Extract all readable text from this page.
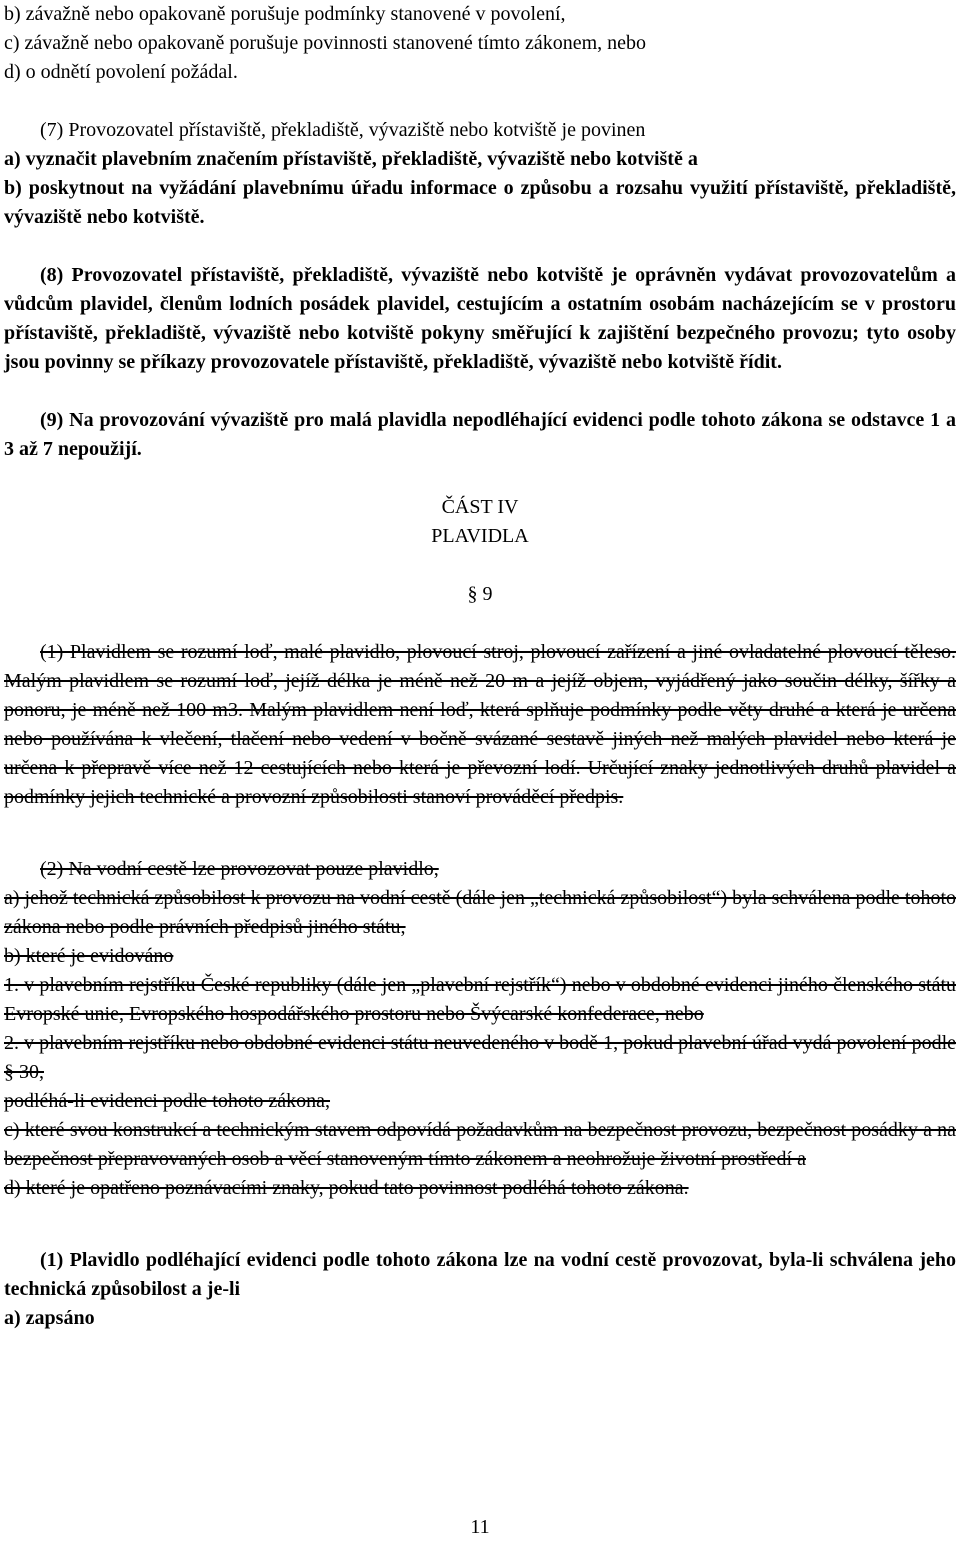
b) závažně nebo opakovaně porušuje podmínky stanovené v povolení,

c) závažně nebo opakovaně porušuje povinnosti stanovené tímto zákonem, nebo

d) o odnětí povolení požádal.

(7) Provozovatel přístaviště, překladiště, vývaziště nebo kotviště je povinen

a) vyznačit plavebním značením přístaviště, překladiště, vývaziště nebo kotviště a

b) poskytnout na vyžádání plavebnímu úřadu informace o způsobu a rozsahu využití přístaviště, překladiště, vývaziště nebo kotviště.

(8) Provozovatel přístaviště, překladiště, vývaziště nebo kotviště je oprávněn vydávat provozovatelům a vůdcům plavidel, členům lodních posádek plavidel, cestujícím a ostatním osobám nacházejícím se v prostoru přístaviště, překladiště, vývaziště nebo kotviště pokyny směřující k zajištění bezpečného provozu; tyto osoby jsou povinny se příkazy provozovatele přístaviště, překladiště, vývaziště nebo kotviště řídit.

(9) Na provozování vývaziště pro malá plavidla nepodléhající evidenci podle tohoto zákona se odstavce 1 a 3 až 7 nepoužijí.

ČÁST IV

PLAVIDLA

§ 9

(1) Plavidlem se rozumí loď, malé plavidlo, plovoucí stroj, plovoucí zařízení a jiné ovladatelné plovoucí těleso. Malým plavidlem se rozumí loď, jejíž délka je méně než 20 m a jejíž objem, vyjádřený jako součin délky, šířky a ponoru, je méně než 100 m3. Malým plavidlem není loď, která splňuje podmínky podle věty druhé a která je určena nebo používána k vlečení, tlačení nebo vedení v bočně svázané sestavě jiných než malých plavidel nebo která je určena k přepravě více než 12 cestujících nebo která je převozní lodí. Určující znaky jednotlivých druhů plavidel a podmínky jejich technické a provozní způsobilosti stanoví prováděcí předpis.

(2) Na vodní cestě lze provozovat pouze plavidlo,

a) jehož technická způsobilost k provozu na vodní cestě (dále jen „technická způsobilost“) byla schválena podle tohoto zákona nebo podle právních předpisů jiného státu,

b) které je evidováno

1. v plavebním rejstříku České republiky (dále jen „plavební rejstřík“) nebo v obdobné evidenci jiného členského státu Evropské unie, Evropského hospodářského prostoru nebo Švýcarské konfederace, nebo

2. v plavebním rejstříku nebo obdobné evidenci státu neuvedeného v bodě 1, pokud plavební úřad vydá povolení podle § 30,

podléhá-li evidenci podle tohoto zákona,

c) které svou konstrukcí a technickým stavem odpovídá požadavkům na bezpečnost provozu, bezpečnost posádky a na bezpečnost přepravovaných osob a věcí stanoveným tímto zákonem a neohrožuje životní prostředí a

d) které je opatřeno poznávacími znaky, pokud tato povinnost podléhá tohoto zákona.

(1) Plavidlo podléhající evidenci podle tohoto zákona lze na vodní cestě provozovat, byla-li schválena jeho technická způsobilost a je-li

a) zapsáno

11
